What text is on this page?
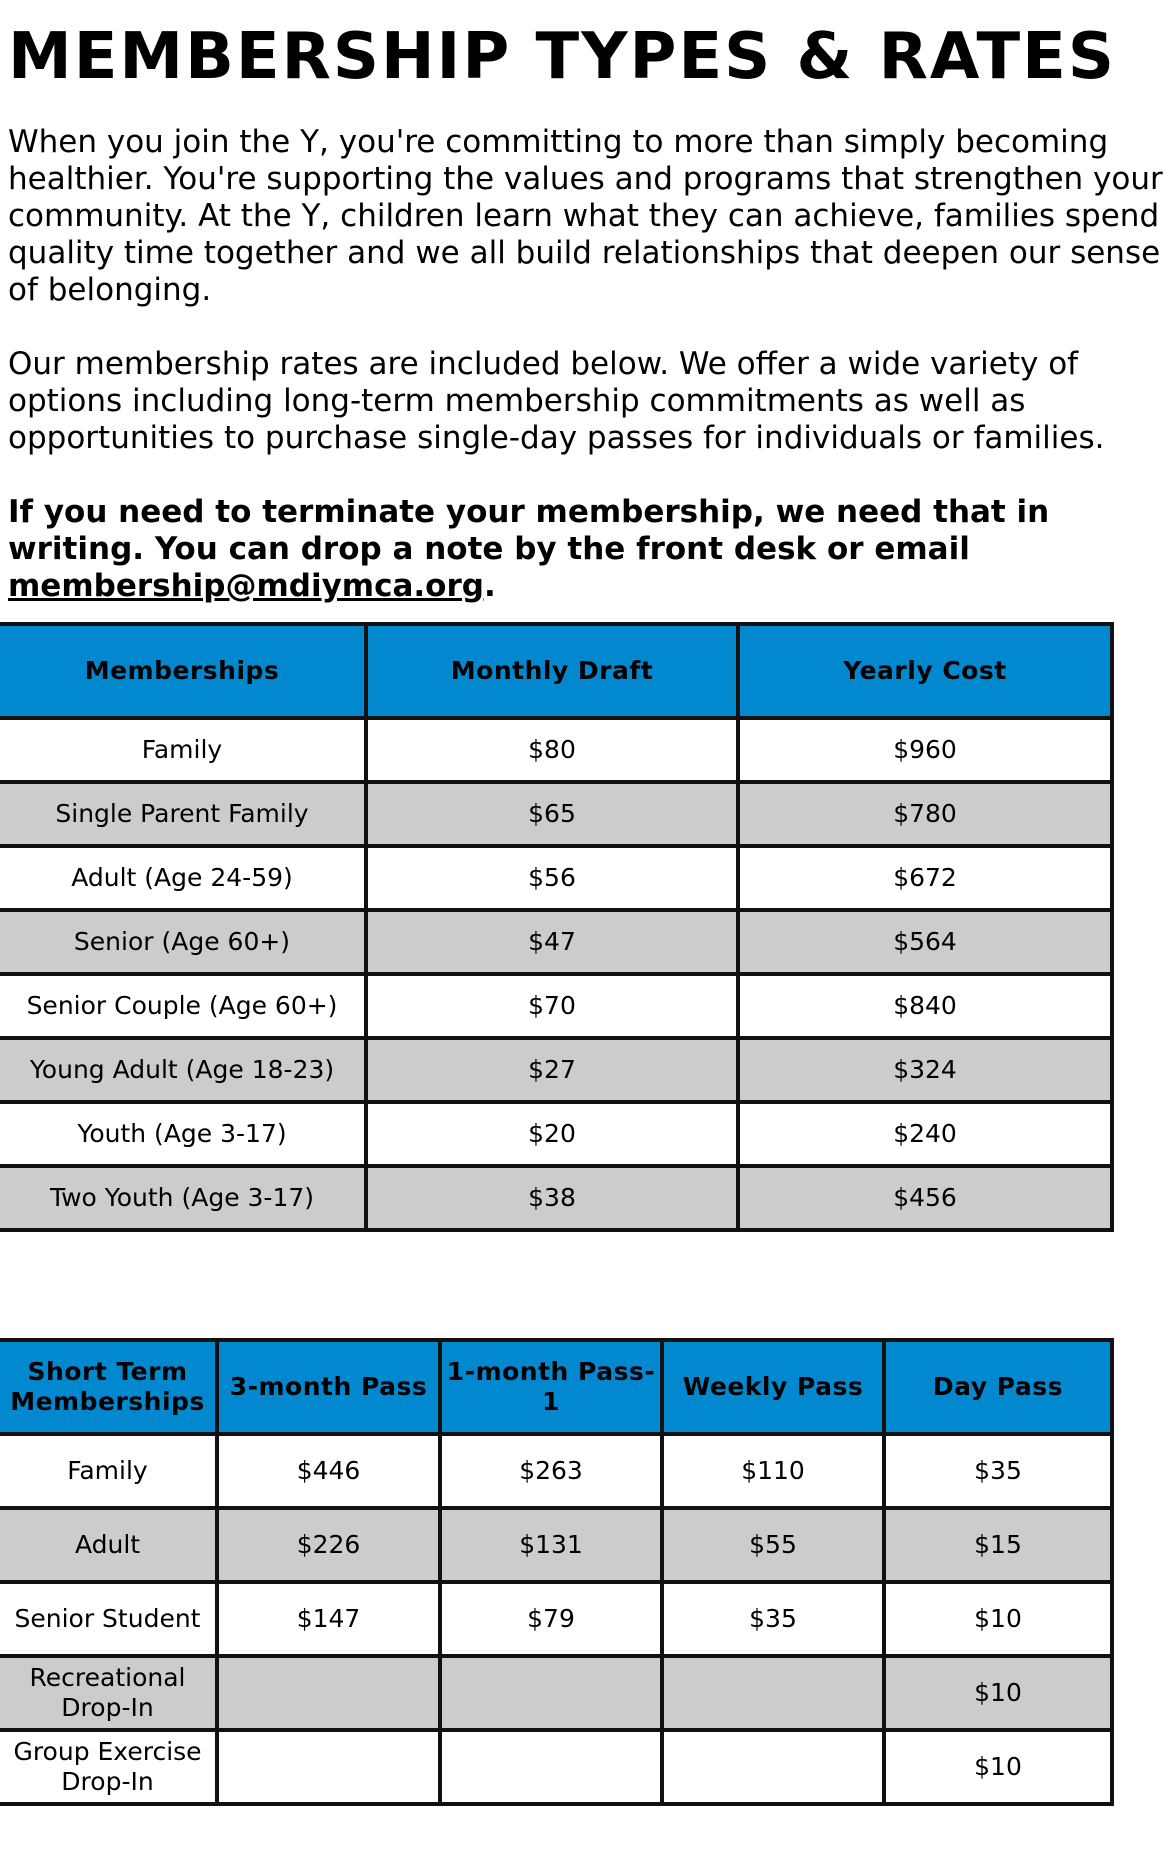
MEMBERSHIP TYPES & RATES

When you join the Y, you're committing to more than simply becoming healthier. You're supporting the values and programs that strengthen your community. At the Y, children learn what they can achieve, families spend quality time together and we all build relationships that deepen our sense of belonging.

Our membership rates are included below. We offer a wide variety of options including long-term membership commitments as well as opportunities to purchase single-day passes for individuals or families.

If you need to terminate your membership, we need that in writing. You can drop a note by the front desk or email membership@mdiymca.org.

Memberships	Monthly Draft	Yearly Cost
Family	$80	$960
Single Parent Family	$65	$780
Adult (Age 24-59)	$56	$672
Senior (Age 60+)	$47	$564
Senior Couple (Age 60+)	$70	$840
Young Adult (Age 18-23)	$27	$324
Youth (Age 3-17)	$20	$240
Two Youth (Age 3-17)	$38	$456
Short Term Memberships	3-month Pass	1-month Pass-1	Weekly Pass	Day Pass
Family	$446	$263	$110	$35
Adult	$226	$131	$55	$15
Senior Student	$147	$79	$35	$10
Recreational Drop-In				$10
Group Exercise Drop-In				$10
